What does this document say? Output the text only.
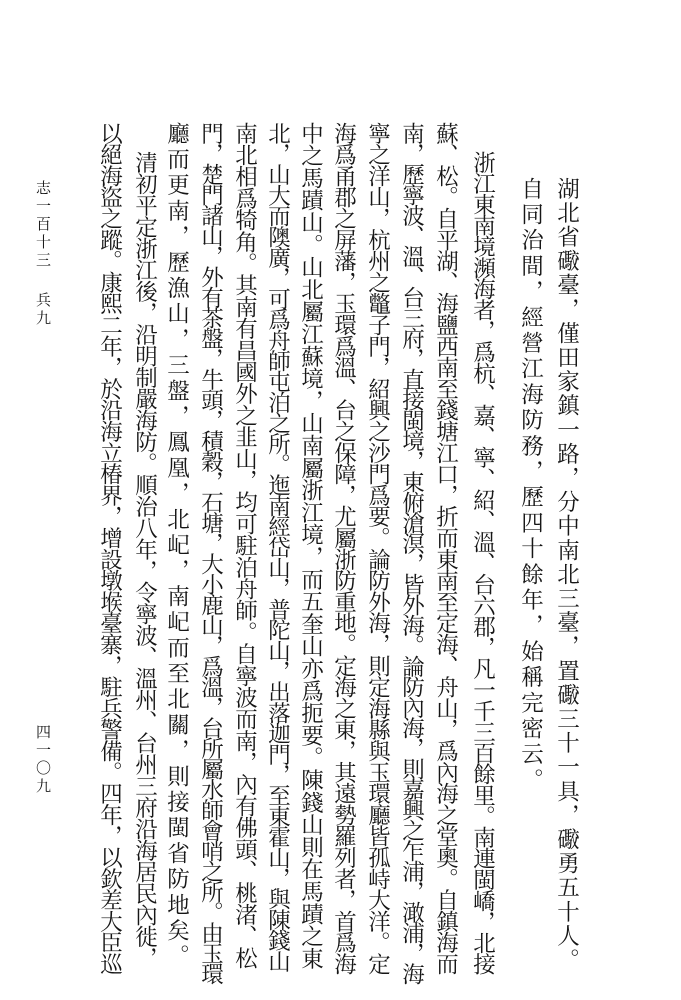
湖北省礮臺，僅田家鎮一路，分中南北三臺，置礮三十一具，礮勇五十人。
自同治間，經營江海防務，歷四十餘年，始稱完密云。
浙江東南境瀕海者，爲杭、嘉、寧、紹、溫、台六郡，凡一千三百餘里。南連閩嶠，北接
蘇、松。自平湖、海鹽西南至錢塘江口，折而東南至定海、舟山，爲內海之堂奧。自鎮海而
南，歷寧波、溫、台三府，直接閩境，東俯滄溟，皆外海。論防內海，則嘉興之乍浦，澉浦，海
寧之洋山，杭州之鼈子門，紹興之沙門爲要。論防外海，則定海縣與玉環廳皆孤峙大洋。定
海爲甬郡之屏藩，玉環爲溫、台之保障，尤屬浙防重地。定海之東，其遠勢羅列者，首爲海
中之馬蹟山。山北屬江蘇境，山南屬浙江境，而五奎山亦爲扼要。陳錢山則在馬蹟之東
北，山大而隩廣，可爲舟師屯泊之所。迤南經岱山，普陀山，出落迦門，至東霍山，與陳錢山
南北相爲犄角。其南有昌國外之韭山，均可駐泊舟師。自寧波而南，內有佛頭、桃渚、松
門，楚門諸山，外有茶盤，牛頭，積穀，石塘，大小鹿山，爲溫，台所屬水師會哨之所。由玉環
廳而更南，歷漁山，三盤，鳳凰，北屺，南屺而至北關，則接閩省防地矣。
清初平定浙江後，沿明制嚴海防。順治八年，令寧波、溫州、台州三府沿海居民內徙，
以絕海盜之蹤。康熙二年，於沿海立椿界，增設墩堠臺寨，駐兵警備。四年，以欽差大臣巡
志一百十三
兵九
四一〇九
